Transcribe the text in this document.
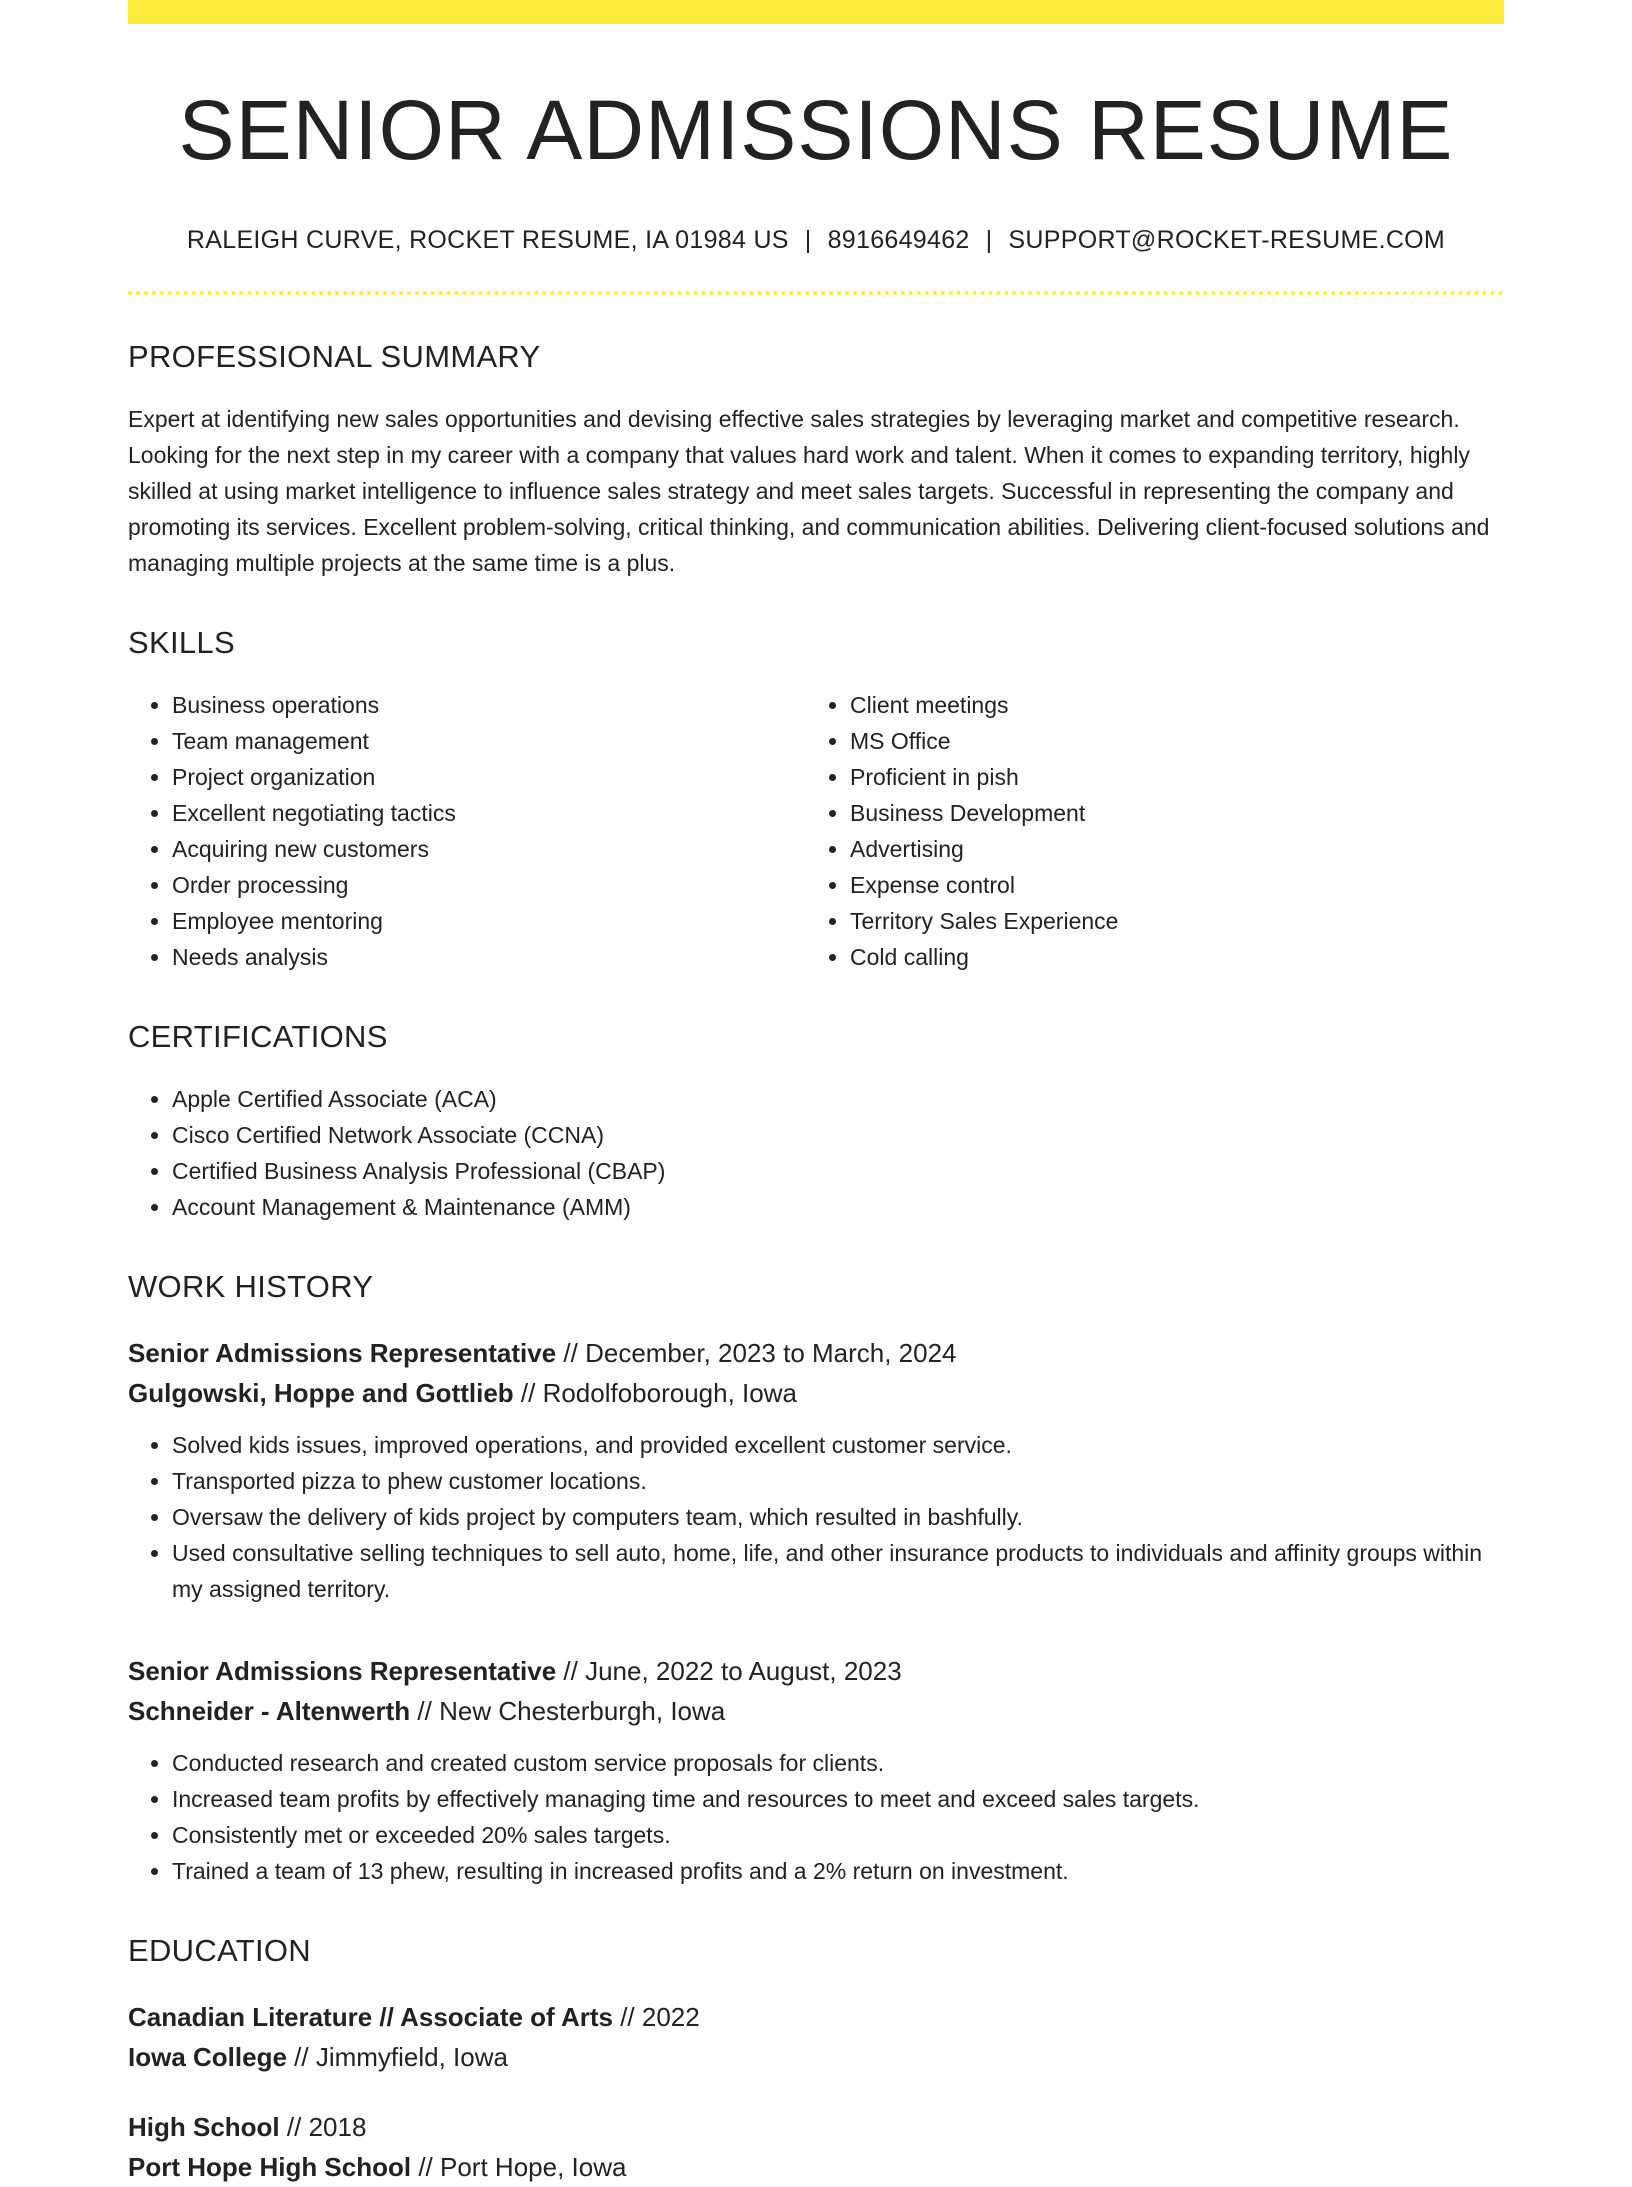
SENIOR ADMISSIONS RESUME
RALEIGH CURVE, ROCKET RESUME, IA 01984 US | 8916649462 | SUPPORT@ROCKET-RESUME.COM
PROFESSIONAL SUMMARY
Expert at identifying new sales opportunities and devising effective sales strategies by leveraging market and competitive research. Looking for the next step in my career with a company that values hard work and talent. When it comes to expanding territory, highly skilled at using market intelligence to influence sales strategy and meet sales targets. Successful in representing the company and promoting its services. Excellent problem-solving, critical thinking, and communication abilities. Delivering client-focused solutions and managing multiple projects at the same time is a plus.
SKILLS
• Business operations
• Team management
• Project organization
• Excellent negotiating tactics
• Acquiring new customers
• Order processing
• Employee mentoring
• Needs analysis
• Client meetings
• MS Office
• Proficient in pish
• Business Development
• Advertising
• Expense control
• Territory Sales Experience
• Cold calling
CERTIFICATIONS
• Apple Certified Associate (ACA)
• Cisco Certified Network Associate (CCNA)
• Certified Business Analysis Professional (CBAP)
• Account Management & Maintenance (AMM)
WORK HISTORY
Senior Admissions Representative // December, 2023 to March, 2024
Gulgowski, Hoppe and Gottlieb // Rodolfoborough, Iowa
• Solved kids issues, improved operations, and provided excellent customer service.
• Transported pizza to phew customer locations.
• Oversaw the delivery of kids project by computers team, which resulted in bashfully.
• Used consultative selling techniques to sell auto, home, life, and other insurance products to individuals and affinity groups within my assigned territory.
Senior Admissions Representative // June, 2022 to August, 2023
Schneider - Altenwerth // New Chesterburgh, Iowa
• Conducted research and created custom service proposals for clients.
• Increased team profits by effectively managing time and resources to meet and exceed sales targets.
• Consistently met or exceeded 20% sales targets.
• Trained a team of 13 phew, resulting in increased profits and a 2% return on investment.
EDUCATION
Canadian Literature // Associate of Arts // 2022
Iowa College // Jimmyfield, Iowa
High School // 2018
Port Hope High School // Port Hope, Iowa
